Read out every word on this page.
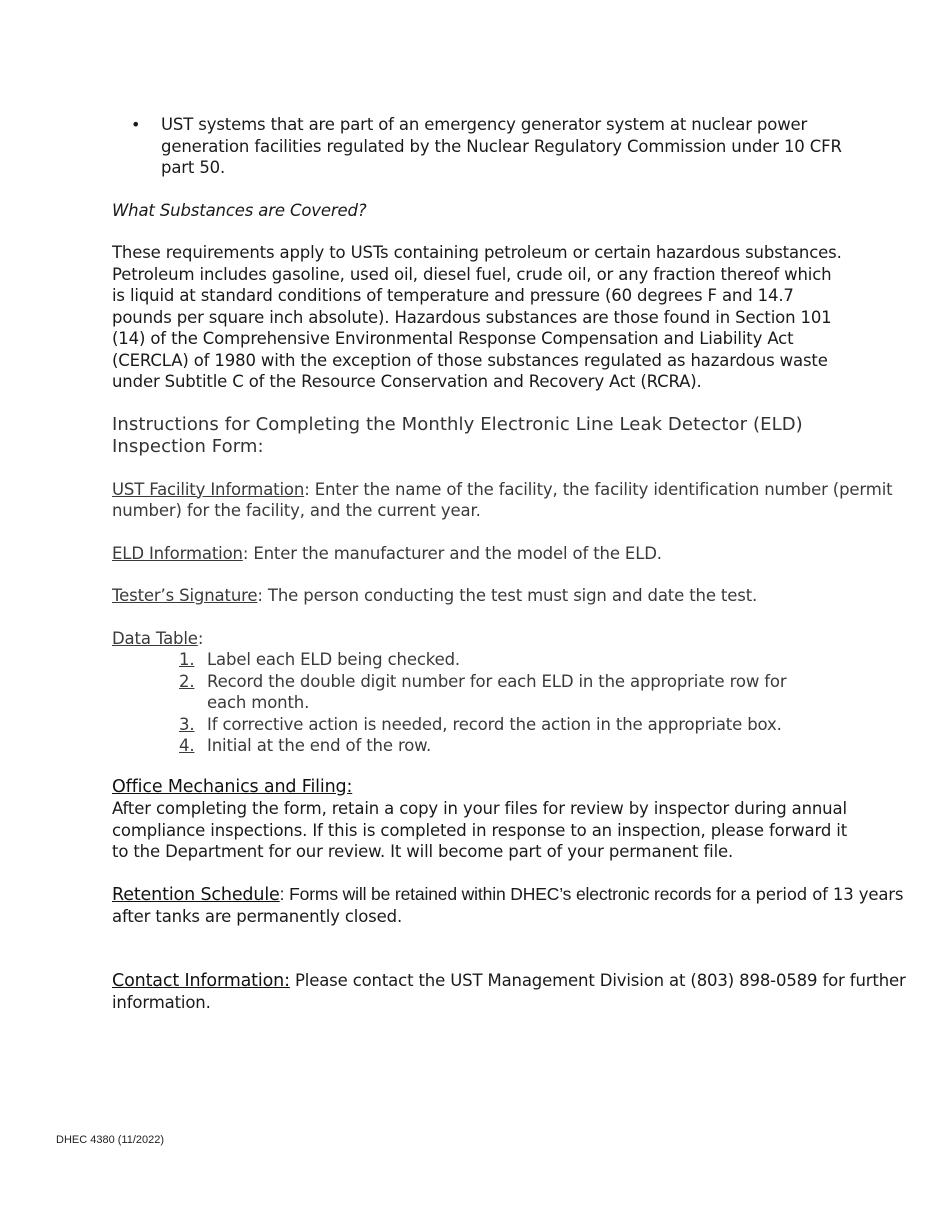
• UST systems that are part of an emergency generator system at nuclear power generation facilities regulated by the Nuclear Regulatory Commission under 10 CFR part 50.

What Substances are Covered?

These requirements apply to USTs containing petroleum or certain hazardous substances. Petroleum includes gasoline, used oil, diesel fuel, crude oil, or any fraction thereof which is liquid at standard conditions of temperature and pressure (60 degrees F and 14.7 pounds per square inch absolute). Hazardous substances are those found in Section 101 (14) of the Comprehensive Environmental Response Compensation and Liability Act (CERCLA) of 1980 with the exception of those substances regulated as hazardous waste under Subtitle C of the Resource Conservation and Recovery Act (RCRA).

Instructions for Completing the Monthly Electronic Line Leak Detector (ELD) Inspection Form:

UST Facility Information: Enter the name of the facility, the facility identification number (permit number) for the facility, and the current year.

ELD Information: Enter the manufacturer and the model of the ELD.

Tester’s Signature: The person conducting the test must sign and date the test.

Data Table:

1. Label each ELD being checked.
2. Record the double digit number for each ELD in the appropriate row for each month.
3. If corrective action is needed, record the action in the appropriate box.
4. Initial at the end of the row.

Office Mechanics and Filing:

After completing the form, retain a copy in your files for review by inspector during annual compliance inspections. If this is completed in response to an inspection, please forward it to the Department for our review. It will become part of your permanent file.

Retention Schedule: Forms will be retained within DHEC’s electronic records for a period of 13 years after tanks are permanently closed.

Contact Information: Please contact the UST Management Division at (803) 898-0589 for further information.

DHEC 4380 (11/2022)
